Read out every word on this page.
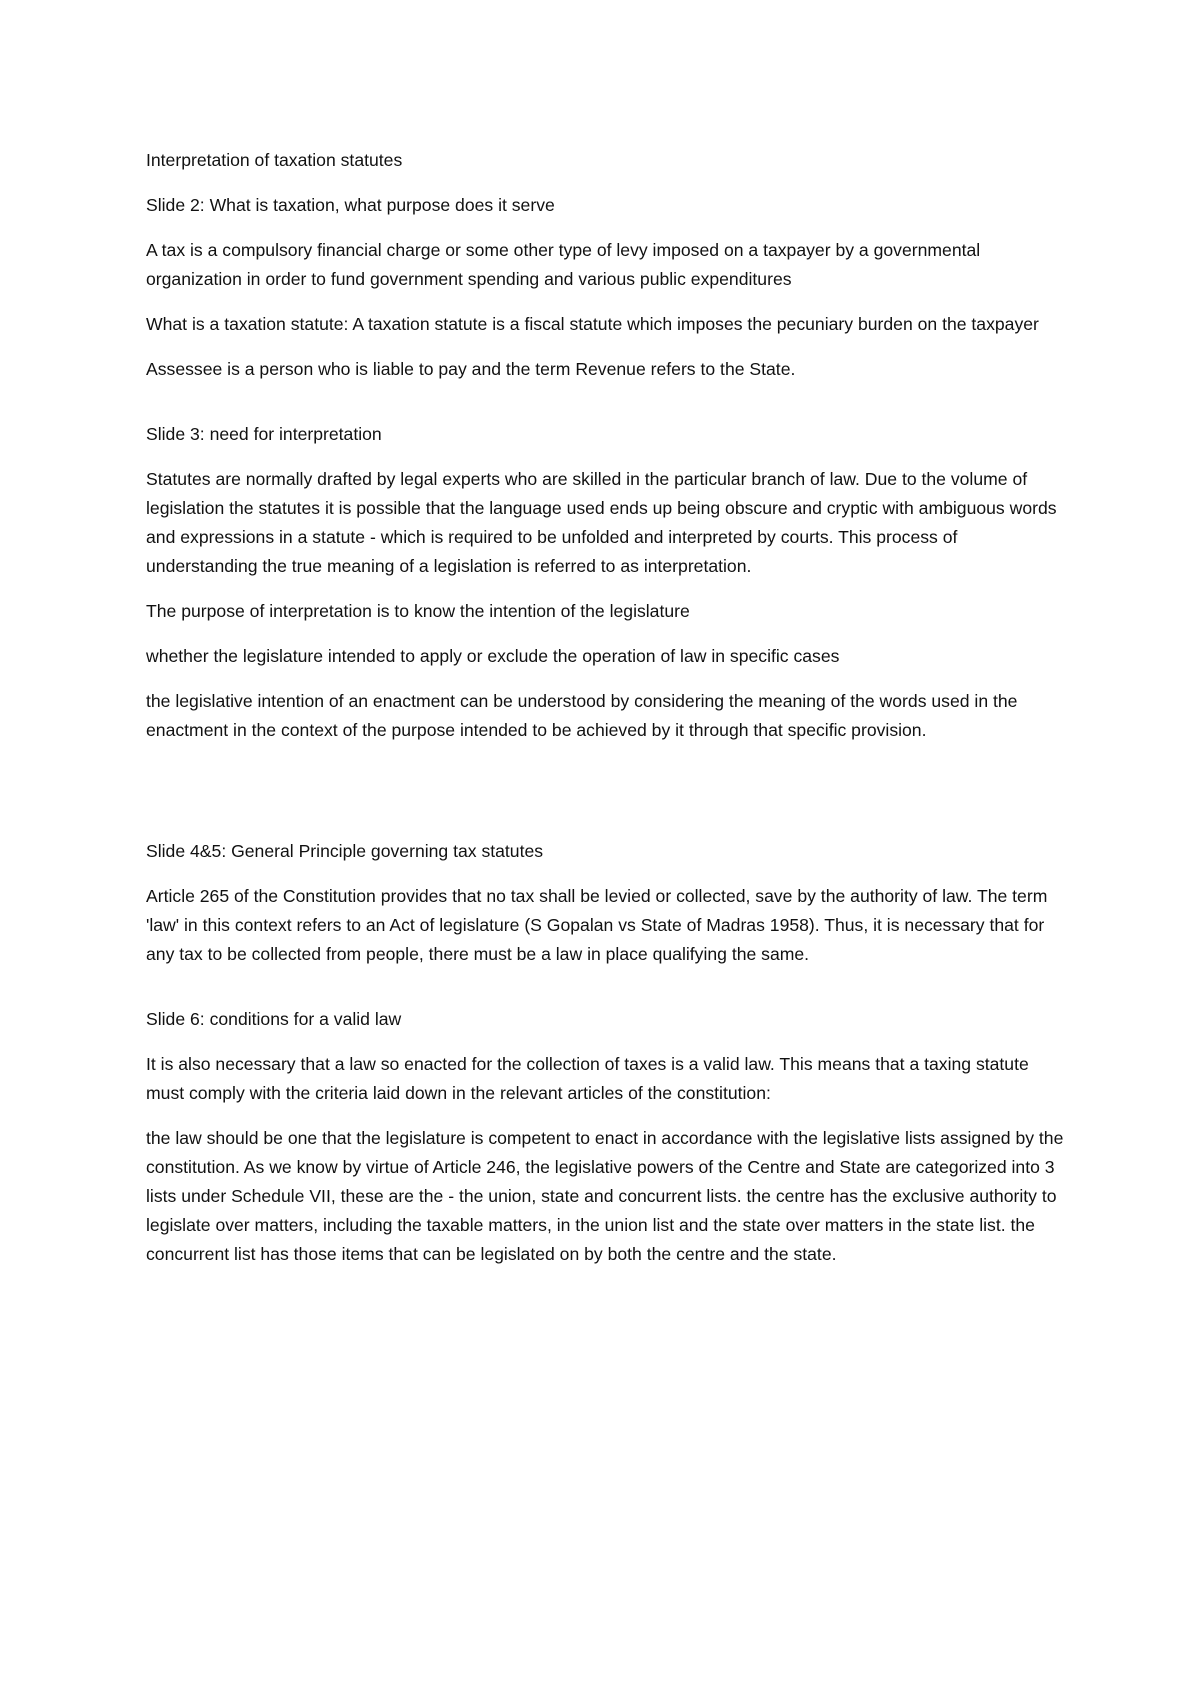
Interpretation of taxation statutes

Slide 2: What is taxation, what purpose does it serve

A tax is a compulsory financial charge or some other type of levy imposed on a taxpayer by a governmental organization in order to fund government spending and various public expenditures

What is a taxation statute: A taxation statute is a fiscal statute which imposes the pecuniary burden on the taxpayer

Assessee is a person who is liable to pay and the term Revenue refers to the State.

Slide 3: need for interpretation

Statutes are normally drafted by legal experts who are skilled in the particular branch of law. Due to the volume of legislation the statutes it is possible that the language used ends up being obscure and cryptic with ambiguous words and expressions in a statute - which is required to be unfolded and interpreted by courts. This process of understanding the true meaning of a legislation is referred to as interpretation.

The purpose of interpretation is to know the intention of the legislature

whether the legislature intended to apply or exclude the operation of law in specific cases

the legislative intention of an enactment can be understood by considering the meaning of the words used in the enactment in the context of the purpose intended to be achieved by it through that specific provision.

Slide 4&5: General Principle governing tax statutes

Article 265 of the Constitution provides that no tax shall be levied or collected, save by the authority of law. The term 'law' in this context refers to an Act of legislature (S Gopalan vs State of Madras 1958). Thus, it is necessary that for any tax to be collected from people, there must be a law in place qualifying the same.

Slide 6: conditions for a valid law

It is also necessary that a law so enacted for the collection of taxes is a valid law. This means that a taxing statute must comply with the criteria laid down in the relevant articles of the constitution:

the law should be one that the legislature is competent to enact in accordance with the legislative lists assigned by the constitution. As we know by virtue of Article 246, the legislative powers of the Centre and State are categorized into 3 lists under Schedule VII, these are the - the union, state and concurrent lists. the centre has the exclusive authority to legislate over matters, including the taxable matters, in the union list and the state over matters in the state list. the concurrent list has those items that can be legislated on by both the centre and the state.
